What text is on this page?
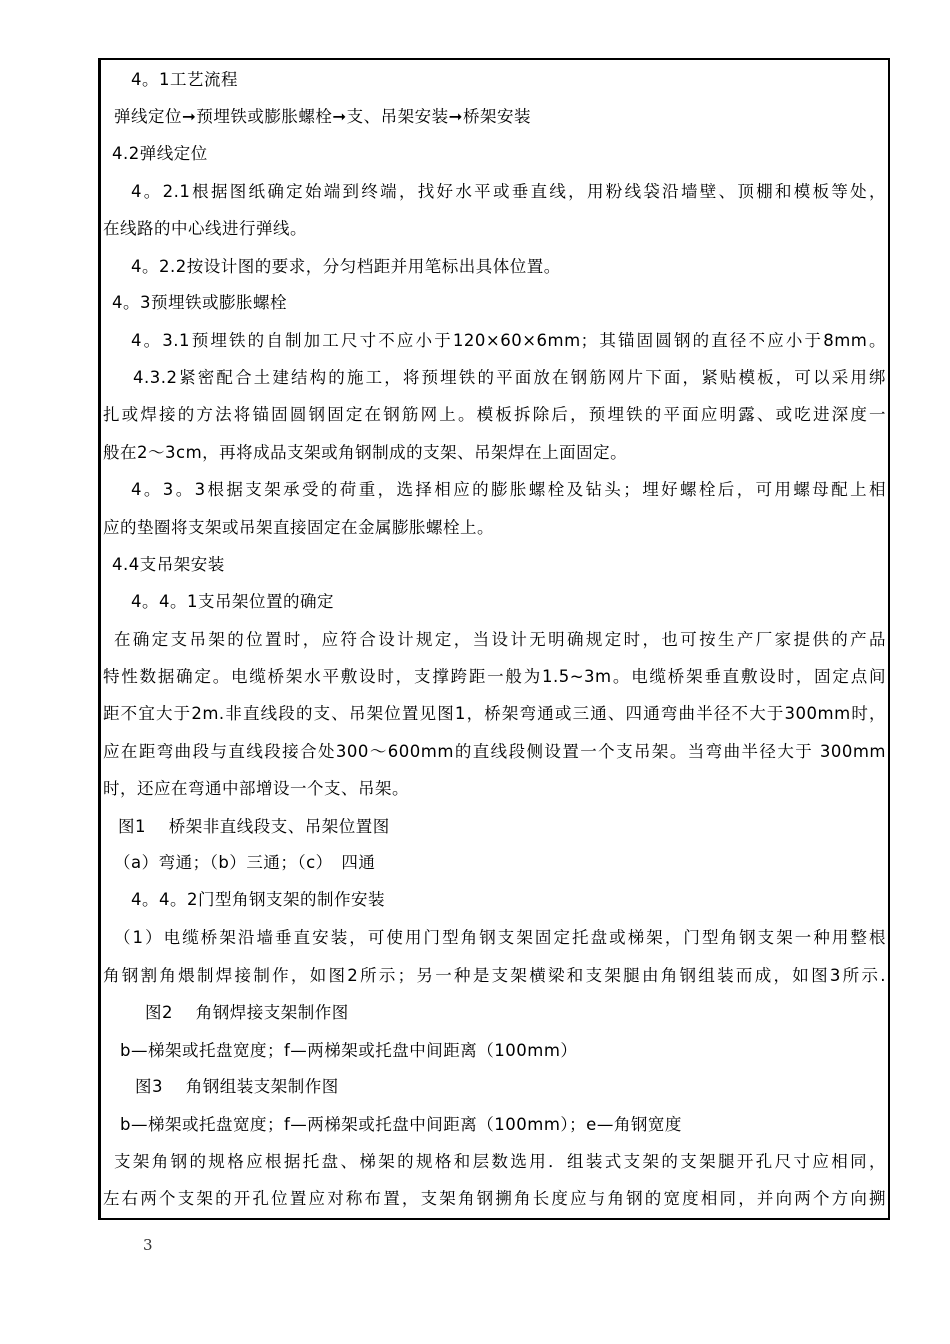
4。1工艺流程
弹线定位➞预埋铁或膨胀螺栓➞支、吊架安装➞桥架安装
4.2弹线定位
4。2.1根据图纸确定始端到终端，找好水平或垂直线，用粉线袋沿墙壁、顶棚和模板等处，
在线路的中心线进行弹线。
4。2.2按设计图的要求，分匀档距并用笔标出具体位置。
4。3预埋铁或膨胀螺栓
4。3.1预埋铁的自制加工尺寸不应小于120×60×6mm；其锚固圆钢的直径不应小于8mm。
4.3.2紧密配合土建结构的施工，将预埋铁的平面放在钢筋网片下面，紧贴模板，可以采用绑
扎或焊接的方法将锚固圆钢固定在钢筋网上。模板拆除后，预埋铁的平面应明露、或吃进深度一
般在2～3cm，再将成品支架或角钢制成的支架、吊架焊在上面固定。
4。3。3根据支架承受的荷重，选择相应的膨胀螺栓及钻头；埋好螺栓后，可用螺母配上相
应的垫圈将支架或吊架直接固定在金属膨胀螺栓上。
4.4支吊架安装
4。4。1支吊架位置的确定
在确定支吊架的位置时，应符合设计规定，当设计无明确规定时，也可按生产厂家提供的产品
特性数据确定。电缆桥架水平敷设时，支撑跨距一般为1.5~3m。电缆桥架垂直敷设时，固定点间
距不宜大于2m.非直线段的支、吊架位置见图1，桥架弯通或三通、四通弯曲半径不大于300mm时，
应在距弯曲段与直线段接合处300～600mm的直线段侧设置一个支吊架。当弯曲半径大于 300mm
时，还应在弯通中部增设一个支、吊架。
图1　 桥架非直线段支、吊架位置图
（a）弯通；（b）三通；（c）　四通
4。4。2门型角钢支架的制作安装
（1）电缆桥架沿墙垂直安装，可使用门型角钢支架固定托盘或梯架，门型角钢支架一种用整根
角钢割角煨制焊接制作，如图2所示；另一种是支架横梁和支架腿由角钢组装而成，如图3所示.
图2　 角钢焊接支架制作图
b—梯架或托盘宽度；f—两梯架或托盘中间距离（100mm）
图3　 角钢组装支架制作图
b—梯架或托盘宽度；f—两梯架或托盘中间距离（100mm）；e—角钢宽度
支架角钢的规格应根据托盘、梯架的规格和层数选用．组装式支架的支架腿开孔尺寸应相同，
左右两个支架的开孔位置应对称布置，支架角钢搠角长度应与角钢的宽度相同，并向两个方向搠
3
